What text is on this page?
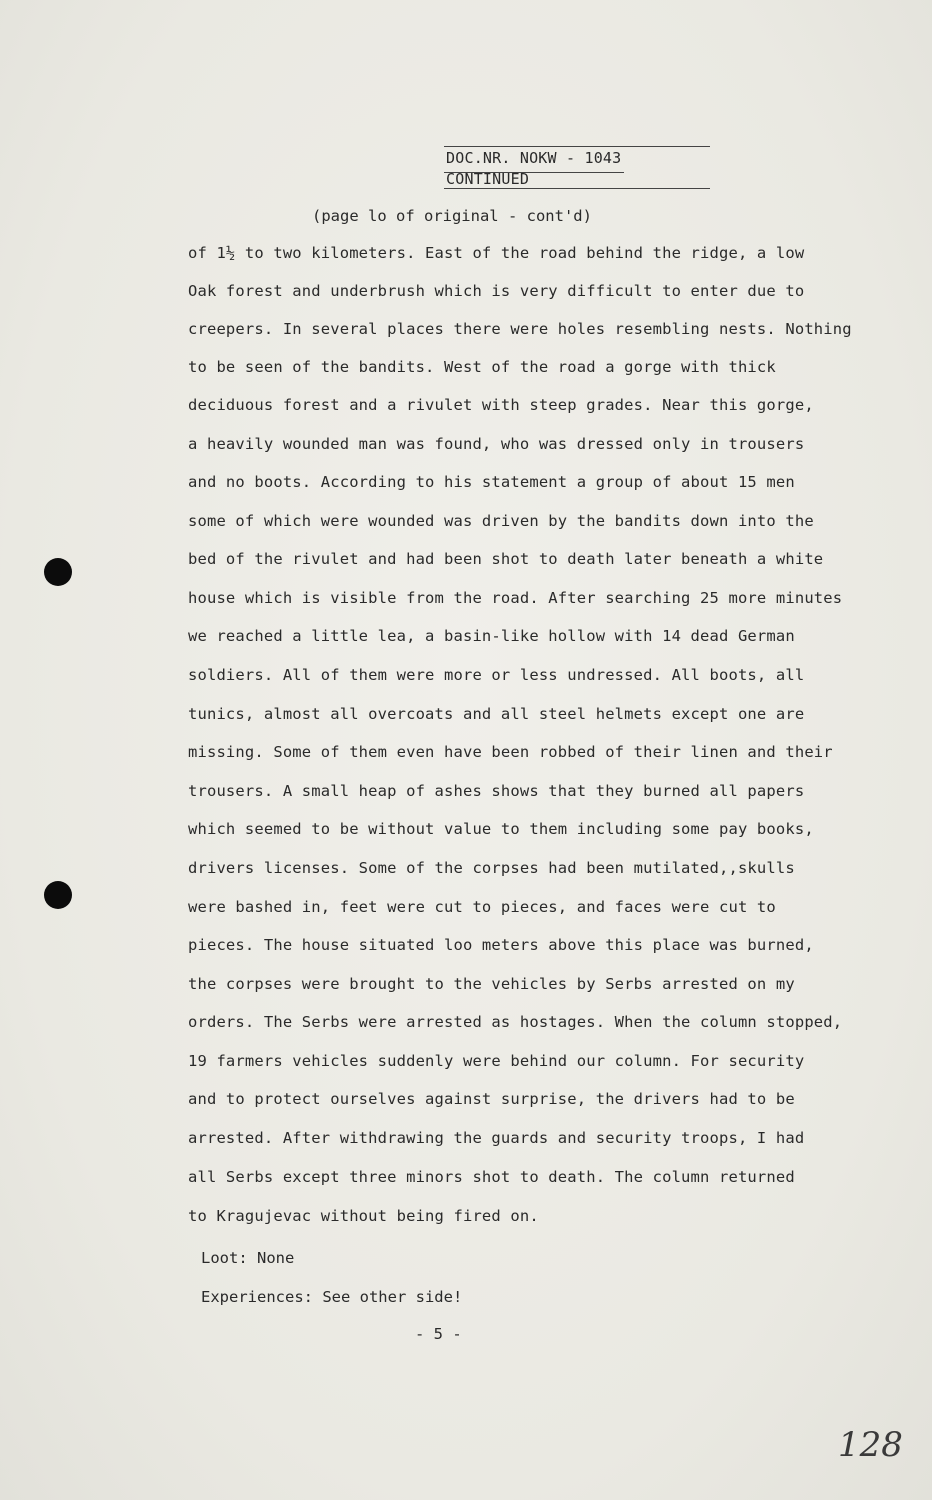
DOC.NR. NOKW - 1043
CONTINUED
(page lo of original - cont'd)
of 1½ to two kilometers. East of the road behind the ridge, a low
Oak forest and underbrush which is very difficult to enter due to
creepers. In several places there were holes resembling nests. Nothing
to be seen of the bandits. West of the road a gorge with thick
deciduous forest and a rivulet with steep grades. Near this gorge,
a heavily wounded man was found, who was dressed only in trousers
and no boots. According to his statement a group of about 15 men
some of which were wounded was driven by the bandits down into the
bed of the rivulet and had been shot to death later beneath a white
house which is visible from the road. After searching 25 more minutes
we reached a little lea, a basin-like hollow with 14 dead German
soldiers. All of them were more or less undressed. All boots, all
tunics, almost all overcoats and all steel helmets except one are
missing. Some of them even have been robbed of their linen and their
trousers. A small heap of ashes shows that they burned all papers
which seemed to be without value to them including some pay books,
drivers licenses. Some of the corpses had been mutilated,,skulls
were bashed in, feet were cut to pieces, and faces were cut to
pieces. The house situated loo meters above this place was burned,
the corpses were brought to the vehicles by Serbs arrested on my
orders. The Serbs were arrested as hostages. When the column stopped,
19 farmers vehicles suddenly were behind our column. For security
and to protect ourselves against surprise, the drivers had to be
arrested. After withdrawing the guards and security troops, I had
all Serbs except three minors shot to death. The column returned
to Kragujevac without being fired on.
Loot: None
Experiences: See other side!
- 5 -
128
